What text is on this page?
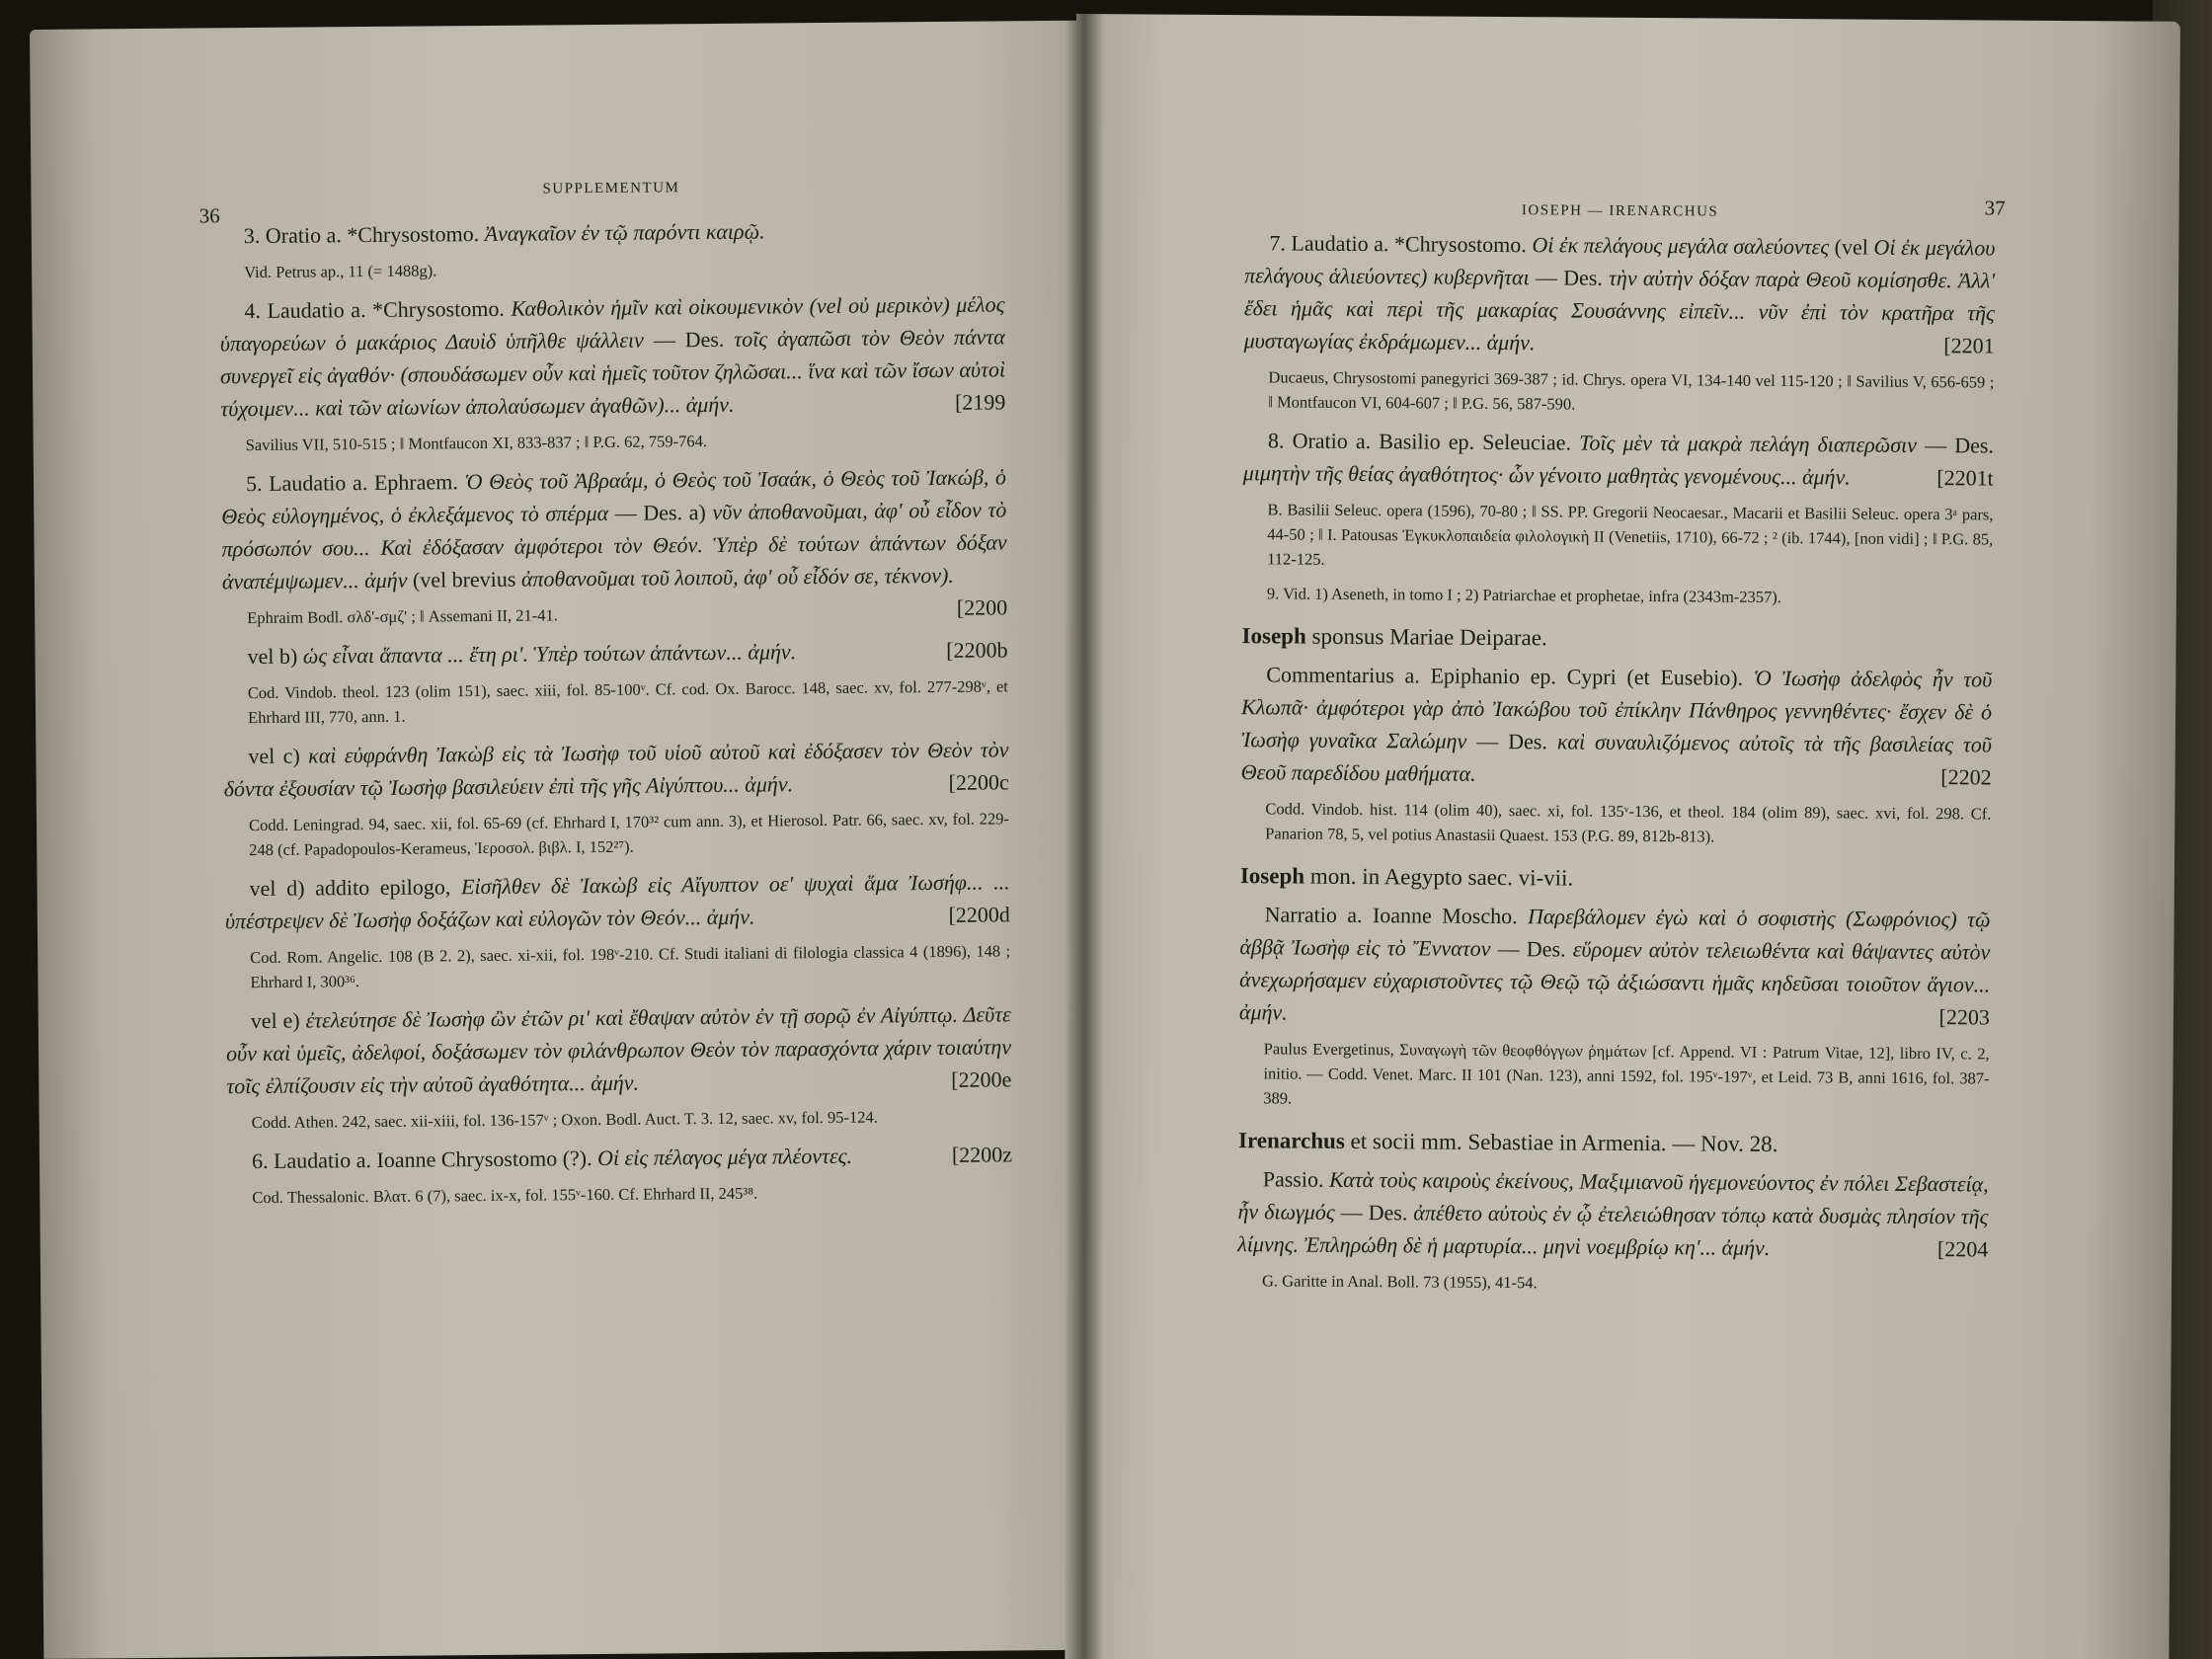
36
SUPPLEMENTUM

3. Oratio a. *Chrysostomo. Ἀναγκαῖον ἐν τῷ παρόντι καιρῷ.

Vid. Petrus ap., 11 (= 1488g).

4. Laudatio a. *Chrysostomo. Καθολικὸν ἡμῖν καὶ οἰκουμενικὸν (vel οὐ μερικὸν) μέλος ὑπαγορεύων ὁ μακάριος Δαυὶδ ὑπῆλθε ψάλλειν — Des. τοῖς ἀγαπῶσι τὸν Θεὸν πάντα συνεργεῖ εἰς ἀγαθόν· (σπουδάσωμεν οὖν καὶ ἡμεῖς τοῦτον ζηλῶσαι... ἵνα καὶ τῶν ἴσων αὐτοὶ τύχοιμεν... καὶ τῶν αἰωνίων ἀπολαύσωμεν ἀγαθῶν)... ἀμήν.	[2199

Savilius VII, 510-515 ; ‖ Montfaucon XI, 833-837 ; ‖ P.G. 62, 759-764.

5. Laudatio a. Ephraem. Ὁ Θεὸς τοῦ Ἀβραάμ, ὁ Θεὸς τοῦ Ἰσαάκ, ὁ Θεὸς τοῦ Ἰακώβ, ὁ Θεὸς εὐλογημένος, ὁ ἐκλεξάμενος τὸ σπέρμα — Des. a) νῦν ἀποθανοῦμαι, ἀφ' οὗ εἶδον τὸ πρόσωπόν σου... Καὶ ἐδόξασαν ἀμφότεροι τὸν Θεόν. Ὑπὲρ δὲ τούτων ἁπάντων δόξαν ἀναπέμψωμεν... ἀμήν (vel brevius ἀποθανοῦμαι τοῦ λοιποῦ, ἀφ' οὗ εἶδόν σε, τέκνον).
[2200

Ephraim Bodl. σλδ'-σμζ' ; ‖ Assemani II, 21-41.

vel b) ὡς εἶναι ἅπαντα ... ἔτη ρι'. Ὑπὲρ τούτων ἁπάντων... ἀμήν.	[2200b

Cod. Vindob. theol. 123 (olim 151), saec. xiii, fol. 85-100ᵛ. Cf. cod. Ox. Barocc. 148, saec. xv, fol. 277-298ᵛ, et Ehrhard III, 770, ann. 1.

vel c) καὶ εὐφράνθη Ἰακὼβ εἰς τὰ Ἰωσὴφ τοῦ υἱοῦ αὐτοῦ καὶ ἐδόξασεν τὸν Θεὸν τὸν δόντα ἐξουσίαν τῷ Ἰωσὴφ βασιλεύειν ἐπὶ τῆς γῆς Αἰγύπτου... ἀμήν.	[2200c

Codd. Leningrad. 94, saec. xii, fol. 65-69 (cf. Ehrhard I, 170³² cum ann. 3), et Hierosol. Patr. 66, saec. xv, fol. 229-248 (cf. Papadopoulos-Kerameus, Ἱεροσολ. βιβλ. I, 152²⁷).

vel d) addito epilogo, Εἰσῆλθεν δὲ Ἰακὼβ εἰς Αἴγυπτον οε' ψυχαὶ ἅμα Ἰωσήφ... ... ὑπέστρεψεν δὲ Ἰωσὴφ δοξάζων καὶ εὐλογῶν τὸν Θεόν... ἀμήν.	[2200d

Cod. Rom. Angelic. 108 (B 2. 2), saec. xi-xii, fol. 198ᵛ-210. Cf. Studi italiani di filologia classica 4 (1896), 148 ; Ehrhard I, 300³⁶.

vel e) ἐτελεύτησε δὲ Ἰωσὴφ ὢν ἐτῶν ρι' καὶ ἔθαψαν αὐτὸν ἐν τῇ σορῷ ἐν Αἰγύπτῳ. Δεῦτε οὖν καὶ ὑμεῖς, ἀδελφοί, δοξάσωμεν τὸν φιλάνθρωπον Θεὸν τὸν παρασχόντα χάριν τοιαύτην τοῖς ἐλπίζουσιν εἰς τὴν αὐτοῦ ἀγαθότητα... ἀμήν.	[2200e

Codd. Athen. 242, saec. xii-xiii, fol. 136-157ᵛ ; Oxon. Bodl. Auct. T. 3. 12, saec. xv, fol. 95-124.

6. Laudatio a. Ioanne Chrysostomo (?). Οἱ εἰς πέλαγος μέγα πλέοντες.	[2200z

Cod. Thessalonic. Βλατ. 6 (7), saec. ix-x, fol. 155ᵛ-160. Cf. Ehrhard II, 245³⁸.
IOSEPH — IRENARCHUS	37

7. Laudatio a. *Chrysostomo. Οἱ ἐκ πελάγους μεγάλα σαλεύοντες (vel Οἱ ἐκ μεγάλου πελάγους ἁλιεύοντες) κυβερνῆται — Des. τὴν αὐτὴν δόξαν παρὰ Θεοῦ κομίσησθε. Ἀλλ' ἔδει ἡμᾶς καὶ περὶ τῆς μακαρίας Σουσάννης εἰπεῖν... νῦν ἐπὶ τὸν κρατῆρα τῆς μυσταγωγίας ἐκδράμωμεν... ἀμήν.	[2201

Ducaeus, Chrysostomi panegyrici 369-387 ; id. Chrys. opera VI, 134-140 vel 115-120 ; ‖ Savilius V, 656-659 ; ‖ Montfaucon VI, 604-607 ; ‖ P.G. 56, 587-590.

8. Oratio a. Basilio ep. Seleuciae. Τοῖς μὲν τὰ μακρὰ πελάγη διαπερῶσιν — Des. μιμητὴν τῆς θείας ἀγαθότητος· ὧν γένοιτο μαθητὰς γενομένους... ἀμήν.	[2201t

B. Basilii Seleuc. opera (1596), 70-80 ; ‖ SS. PP. Gregorii Neocaesar., Macarii et Basilii Seleuc. opera 3ᵃ pars, 44-50 ; ‖ I. Patousas Ἐγκυκλοπαιδεία φιλολογικὴ II (Venetiis, 1710), 66-72 ; ² (ib. 1744), [non vidi] ; ‖ P.G. 85, 112-125.
9. Vid. 1) Aseneth, in tomo I ; 2) Patriarchae et prophetae, infra (2343m-2357).
Ioseph sponsus Mariae Deiparae.

Commentarius a. Epiphanio ep. Cypri (et Eusebio). Ὁ Ἰωσὴφ ἀδελφὸς ἦν τοῦ Κλωπᾶ· ἀμφότεροι γὰρ ἀπὸ Ἰακώβου τοῦ ἐπίκλην Πάνθηρος γεννηθέντες· ἔσχεν δὲ ὁ Ἰωσὴφ γυναῖκα Σαλώμην — Des. καὶ συναυλιζόμενος αὐτοῖς τὰ τῆς βασιλείας τοῦ Θεοῦ παρεδίδου μαθήματα.	[2202

Codd. Vindob. hist. 114 (olim 40), saec. xi, fol. 135ᵛ-136, et theol. 184 (olim 89), saec. xvi, fol. 298. Cf. Panarion 78, 5, vel potius Anastasii Quaest. 153 (P.G. 89, 812b-813).
Ioseph mon. in Aegypto saec. vi-vii.

Narratio a. Ioanne Moscho. Παρεβάλομεν ἐγὼ καὶ ὁ σοφιστὴς (Σωφρόνιος) τῷ ἀββᾷ Ἰωσὴφ εἰς τὸ Ἔννατον — Des. εὕρομεν αὐτὸν τελειωθέντα καὶ θάψαντες αὐτὸν ἀνεχωρήσαμεν εὐχαριστοῦντες τῷ Θεῷ τῷ ἀξιώσαντι ἡμᾶς κηδεῦσαι τοιοῦτον ἅγιον... ἀμήν.	[2203

Paulus Evergetinus, Συναγωγὴ τῶν θεοφθόγγων ῥημάτων [cf. Append. VI : Patrum Vitae, 12], libro IV, c. 2, initio. — Codd. Venet. Marc. II 101 (Nan. 123), anni 1592, fol. 195ᵛ-197ᵛ, et Leid. 73 B, anni 1616, fol. 387-389.
Irenarchus et socii mm. Sebastiae in Armenia. — Nov. 28.

Passio. Κατὰ τοὺς καιροὺς ἐκείνους, Μαξιμιανοῦ ἡγεμονεύοντος ἐν πόλει Σεβαστείᾳ, ἦν διωγμός — Des. ἀπέθετο αὐτοὺς ἐν ᾧ ἐτελειώθησαν τόπῳ κατὰ δυσμὰς πλησίον τῆς λίμνης. Ἐπληρώθη δὲ ἡ μαρτυρία... μηνὶ νοεμβρίῳ κη'... ἀμήν.	[2204

G. Garitte in Anal. Boll. 73 (1955), 41-54.
